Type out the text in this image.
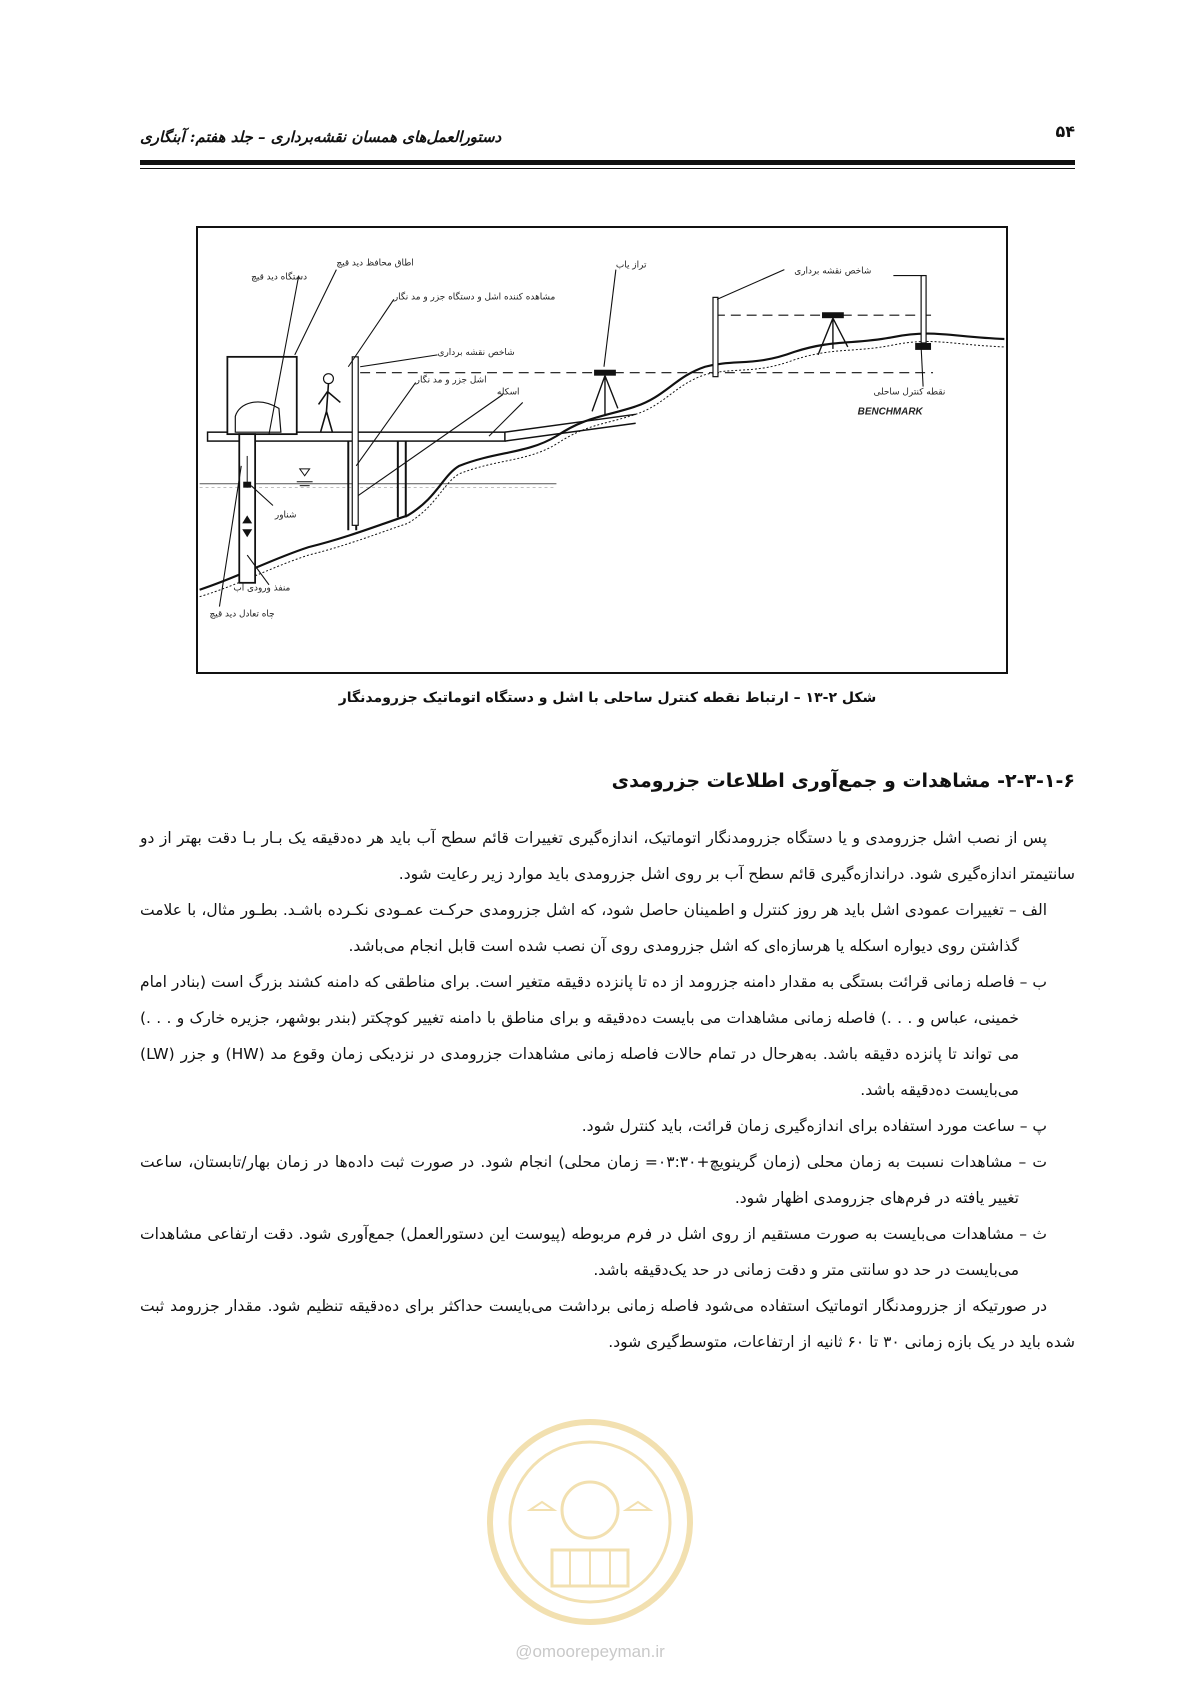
۵۴
دستورالعمل‌های همسان نقشه‌برداری – جلد هفتم: آبنگاری
دستگاه دید قیچ
اطاق محافظ دید قیچ
مشاهده کننده اشل و دستگاه جزر و مد نگار
شاخص نقشه برداری
اشل جزر و مد نگار
اسکله
تراز یاب
شاخص نقشه برداری
نقطه کنترل ساحلی
BENCHMARK
شناور
منفذ ورودی آب
چاه تعادل دید قیچ
شکل ۲-۱۳ – ارتباط نقطه کنترل ساحلی با اشل و دستگاه اتوماتیک جزرومدنگار
۲-۳-۱-۶- مشاهدات و جمع‌آوری اطلاعات جزرومدی

پس از نصب اشل جزرومدی و یا دستگاه جزرومدنگار اتوماتیک، اندازه‌گیری تغییرات قائم سطح آب باید هر ده‌دقیقه یک بـار بـا دقت بهتر از دو سانتیمتر اندازه‌گیری شود. دراندازه‌گیری قائم سطح آب بر روی اشل جزرومدی باید موارد زیر رعایت شود.

الف – تغییرات عمودی اشل باید هر روز کنترل و اطمینان حاصل شود، که اشل جزرومدی حرکـت عمـودی نکـرده باشـد. بطـور مثال، با علامت گذاشتن روی دیواره اسکله یا هرسازه‌ای که اشل جزرومدی روی آن نصب شده است قابل انجام می‌باشد.

ب – فاصله زمانی قرائت بستگی به مقدار دامنه جزرومد از ده تا پانزده دقیقه متغیر است. برای مناطقی که دامنه کشند بزرگ است (بنادر امام خمینی، عباس و . . .) فاصله زمانی مشاهدات می بایست ده‌دقیقه و برای مناطق با دامنه تغییر کوچکتر (بندر بوشهر، جزیره خارک و . . .) می تواند تا پانزده دقیقه باشد. به‌هرحال در تمام حالات فاصله زمانی مشاهدات جزرومدی در نزدیکی زمان وقوع مد (HW) و جزر (LW) می‌بایست ده‌دقیقه باشد.

پ – ساعت مورد استفاده برای اندازه‌گیری زمان قرائت، باید کنترل شود.

ت – مشاهدات نسبت به زمان محلی (زمان گرینویچ+۰۳:۳۰= زمان محلی) انجام شود. در صورت ثبت داده‌ها در زمان بهار/تابستان، ساعت تغییر یافته در فرم‌های جزرومدی اظهار شود.

ث – مشاهدات می‌بایست به صورت مستقیم از روی اشل در فرم مربوطه (پیوست این دستورالعمل) جمع‌آوری شود. دقت ارتفاعی مشاهدات می‌بایست در حد دو سانتی متر و دقت زمانی در حد یک‌دقیقه باشد.

در صورتیکه از جزرومدنگار اتوماتیک استفاده می‌شود فاصله زمانی برداشت می‌بایست حداکثر برای ده‌دقیقه تنظیم شود. مقدار جزرومد ثبت شده باید در یک بازه زمانی ۳۰ تا ۶۰ ثانیه از ارتفاعات، متوسط‌گیری شود.

@omoorepeyman.ir
